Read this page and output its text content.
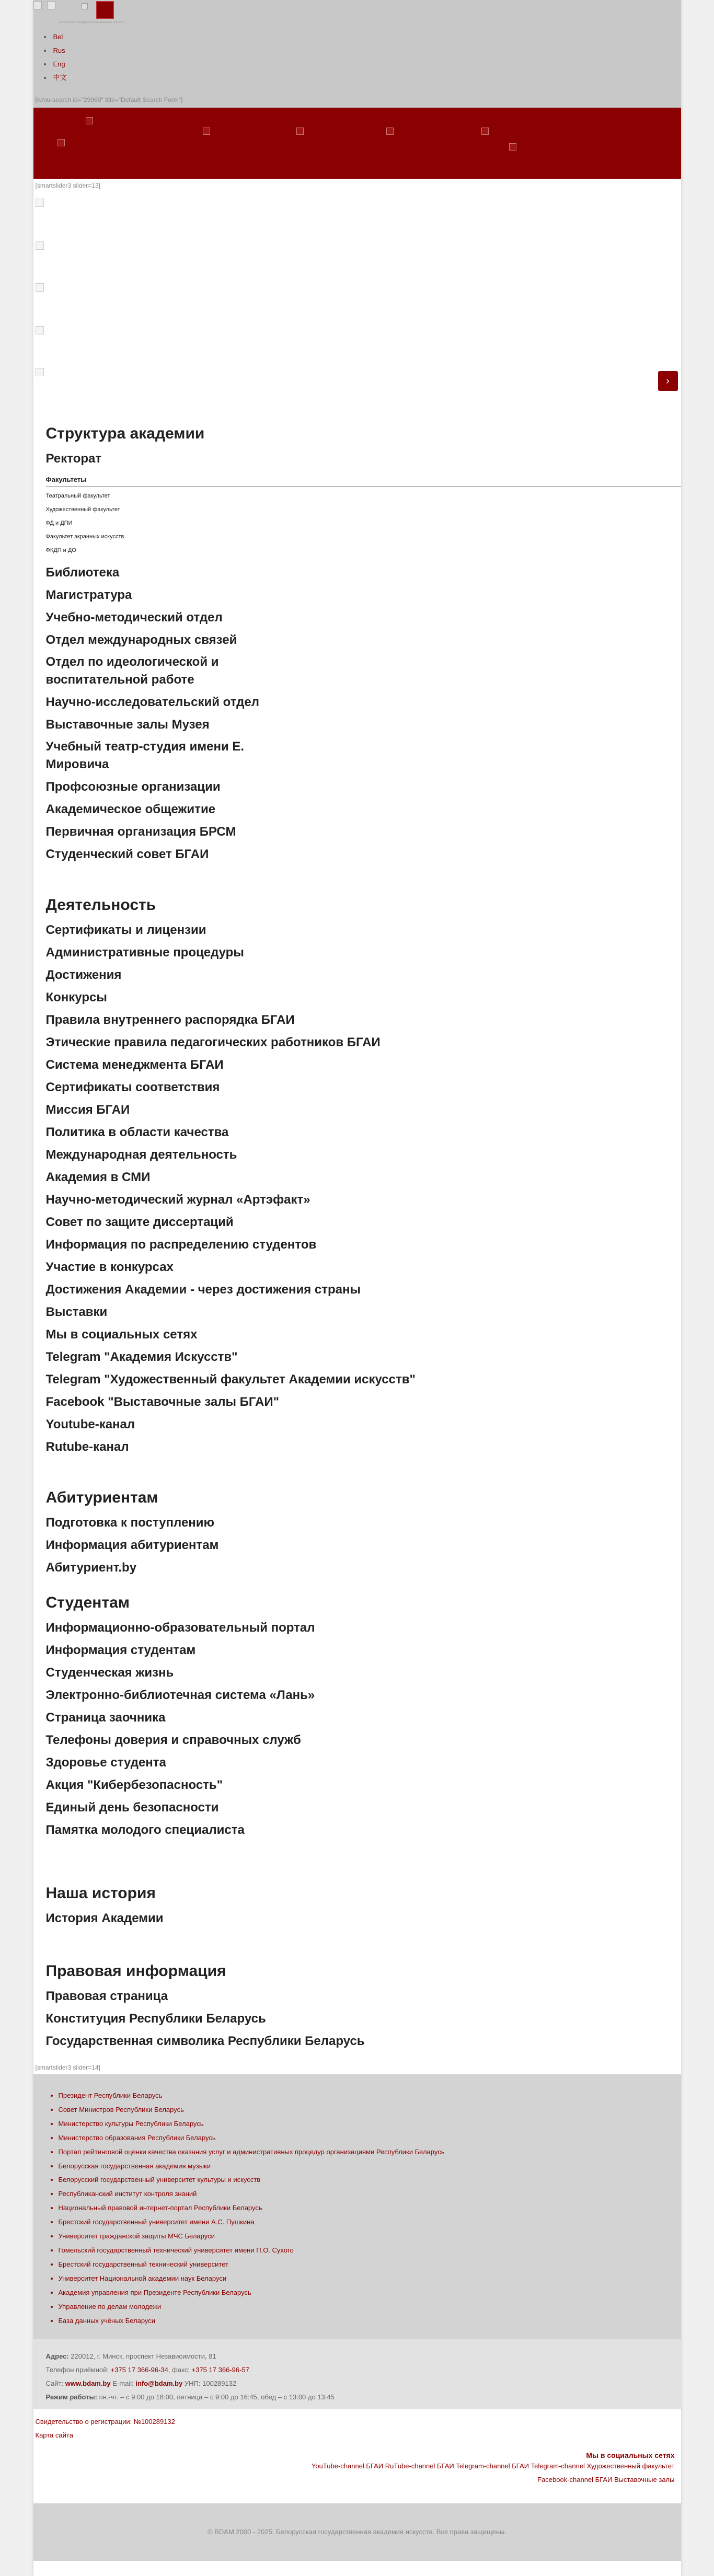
Белорусская государственная академия искусств
• Bel
• Rus
• Eng
• 中文
[wmu-search id="29960" title="Default Search Form"]
[smartslider3 slider=13]
›
Структура академии
Ректорат
Факультеты
Театральный факультет
Художественный факультет
ФД и ДПИ
Факультет экранных искусств
ФКДП и ДО
Библиотека
Магистратура
Учебно-методический отдел
Отдел международных связей
Отдел по идеологической и воспитательной работе
Научно-исследовательский отдел
Выставочные залы Музея
Учебный театр-студия имени Е. Мировича
Профсоюзные организации
Академическое общежитие
Первичная организация БРСМ
Студенческий совет БГАИ
Деятельность
Сертификаты и лицензии
Административные процедуры
Достижения
Конкурсы
Правила внутреннего распорядка БГАИ
Этические правила педагогических работников БГАИ
Система менеджмента БГАИ
Сертификаты соответствия
Миссия БГАИ
Политика в области качества
Международная деятельность
Академия в СМИ
Научно-методический журнал «Артэфакт»
Совет по защите диссертаций
Информация по распределению студентов
Участие в конкурсах
Достижения Академии - через достижения страны
Выставки
Мы в социальных сетях
Telegram "Академия Искусств"
Telegram "Художественный факультет Академии искусств"
Facebook "Выставочные залы БГАИ"
Youtube-канал
Rutube-канал
Абитуриентам
Подготовка к поступлению
Информация абитуриентам
Абитуриент.by
Студентам
Информационно-образовательный портал
Информация студентам
Студенческая жизнь
Электронно-библиотечная система «Лань»
Страница заочника
Телефоны доверия и справочных служб
Здоровье студента
Акция "Кибербезопасность"
Единый день безопасности
Памятка молодого специалиста
Наша история
История Академии
Правовая информация
Правовая страница
Конституция Республики Беларусь
Государственная символика Республики Беларусь
[smartslider3 slider=14]
• Президент Республики Беларусь
• Совет Министров Республики Беларусь
• Министерство культуры Республики Беларусь
• Министерство образования Республики Беларусь
• Портал рейтинговой оценки качества оказания услуг и административных процедур организациями Республики Беларусь
• Белорусская государственная академия музыки
• Белорусский государственный университет культуры и искусств
• Республиканский институт контроля знаний
• Национальный правовой интернет-портал Республики Беларусь
• Брестский государственный университет имени А.С. Пушкина
• Университет гражданской защиты МЧС Беларуси
• Гомельский государственный технический университет имени П.О. Сухого
• Брестский государственный технический университет
• Университет Национальной академии наук Беларуси
• Академия управления при Президенте Республики Беларусь
• Управление по делам молодежи
• База данных учёных Беларуси
Адрес: 220012, г. Минск, проспект Независимости, 81
Телефон приёмной: +375 17 366-96-34, факс: +375 17 366-96-57
Сайт: www.bdam.by E-mail: info@bdam.by УНП: 100289132
Режим работы: пн.-чт. – с 9:00 до 18:00, пятница – с 9:00 до 16:45, обед – с 13:00 до 13:45
Свидетельство о регистрации: №100289132
Карта сайта
Мы в социальных сетях
YouTube-channel БГАИ RuTube-channel БГАИ Telegram-channel БГАИ Telegram-channel Художественный факультет
Facebook-channel БГАИ Выставочные залы
© BDAM 2000 - 2025. Белорусская государственная академия искусств. Все права защищены.
